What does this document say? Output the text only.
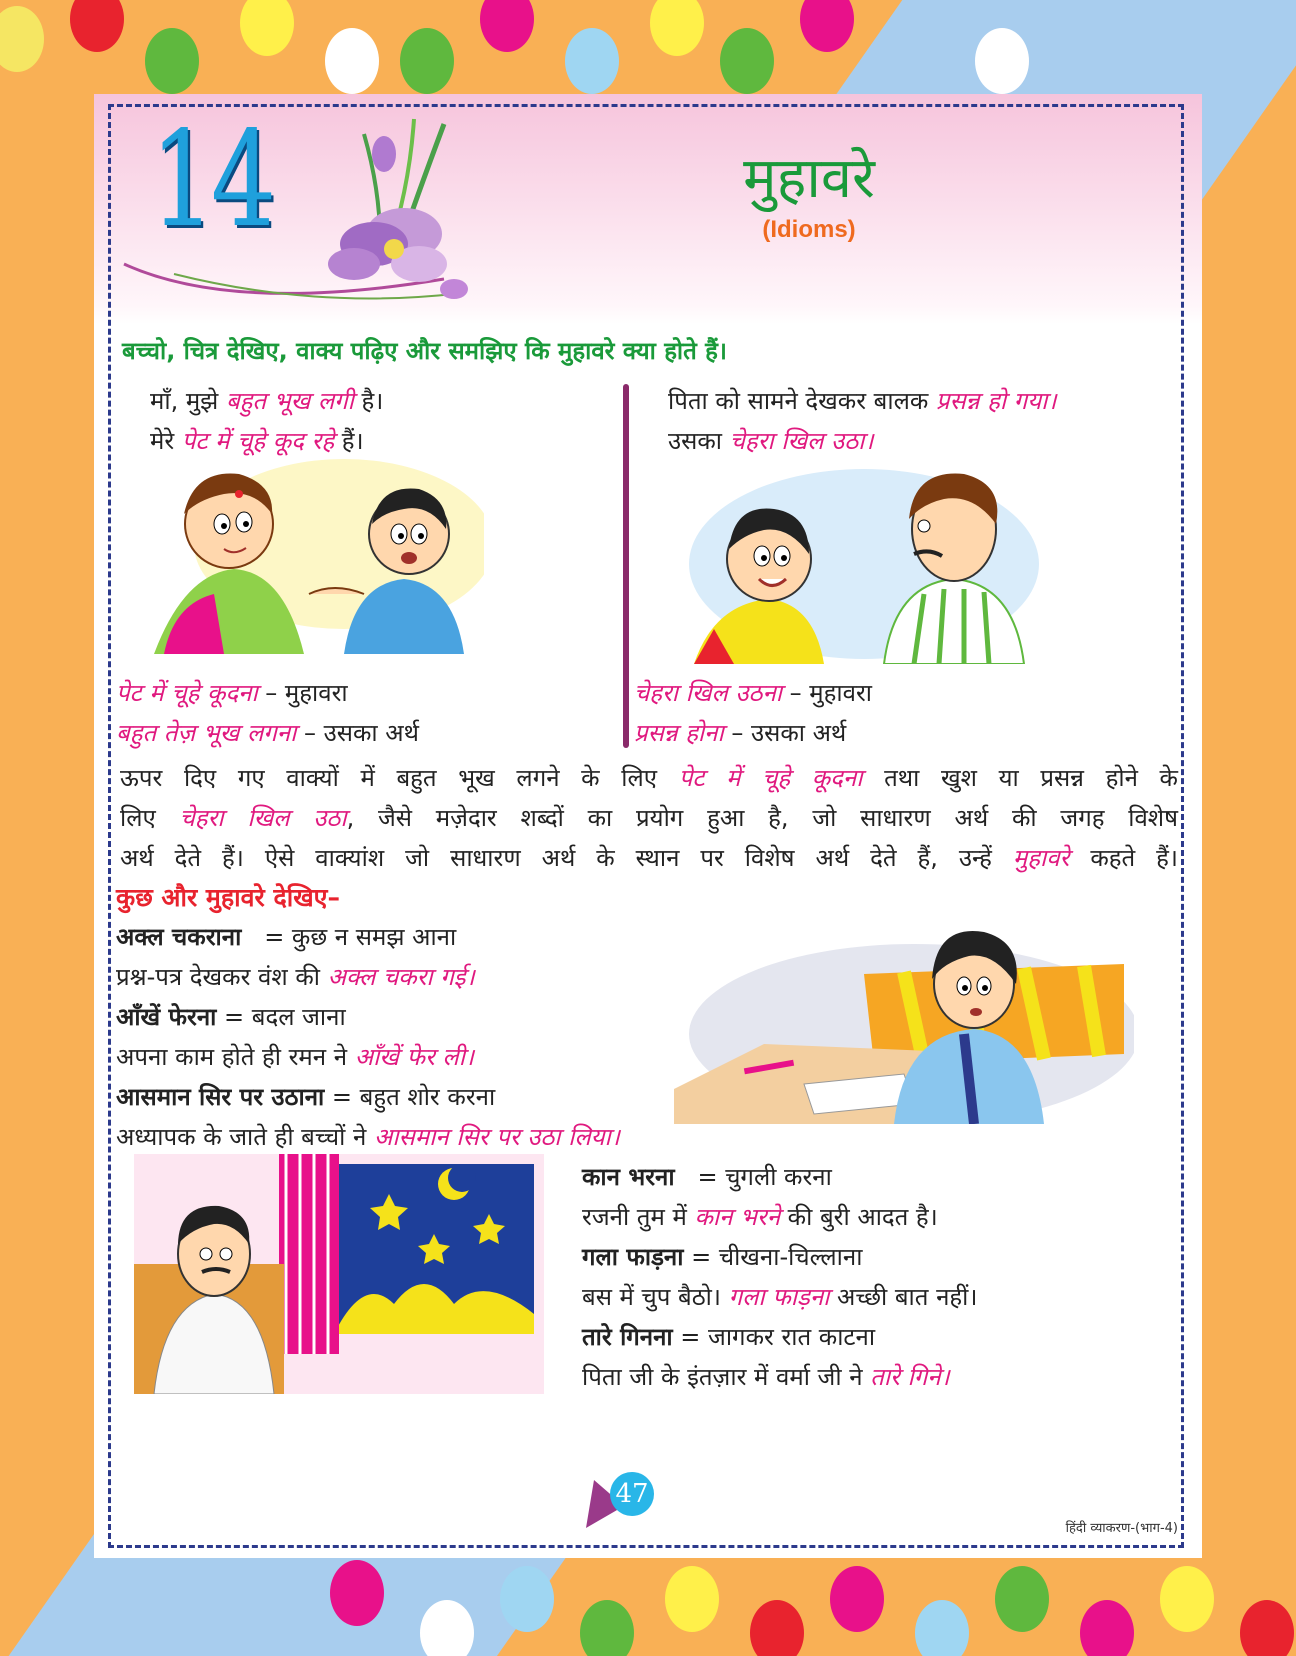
14	मुहावरे
(Idioms)
बच्चो, चित्र देखिए, वाक्य पढ़िए और समझिए कि मुहावरे क्या होते हैं।
माँ, मुझे बहुत भूख लगी है।
मेरे पेट में चूहे कूद रहे हैं।
पेट में चूहे कूदना – मुहावरा
बहुत तेज़ भूख लगना – उसका अर्थ
पिता को सामने देखकर बालक प्रसन्न हो गया।
उसका चेहरा खिल उठा।
चेहरा खिल उठना – मुहावरा
प्रसन्न होना – उसका अर्थ
ऊपर दिए गए वाक्यों में बहुत भूख लगने के लिए पेट में चूहे कूदना तथा खुश या प्रसन्न होने के
लिए चेहरा खिल उठा, जैसे मज़ेदार शब्दों का प्रयोग हुआ है, जो साधारण अर्थ की जगह विशेष
अर्थ देते हैं। ऐसे वाक्यांश जो साधारण अर्थ के स्थान पर विशेष अर्थ देते हैं, उन्हें मुहावरे कहते हैं।
कुछ और मुहावरे देखिए–
अक्ल चकराना = कुछ न समझ आना
प्रश्न-पत्र देखकर वंश की अक्ल चकरा गई।
आँखें फेरना = बदल जाना
अपना काम होते ही रमन ने आँखें फेर ली।
आसमान सिर पर उठाना = बहुत शोर करना
अध्यापक के जाते ही बच्चों ने आसमान सिर पर उठा लिया।
कान भरना = चुगली करना
रजनी तुम में कान भरने की बुरी आदत है।
गला फाड़ना = चीखना-चिल्लाना
बस में चुप बैठो। गला फाड़ना अच्छी बात नहीं।
तारे गिनना = जागकर रात काटना
पिता जी के इंतज़ार में वर्मा जी ने तारे गिने।
47
हिंदी व्याकरण-(भाग-4)
